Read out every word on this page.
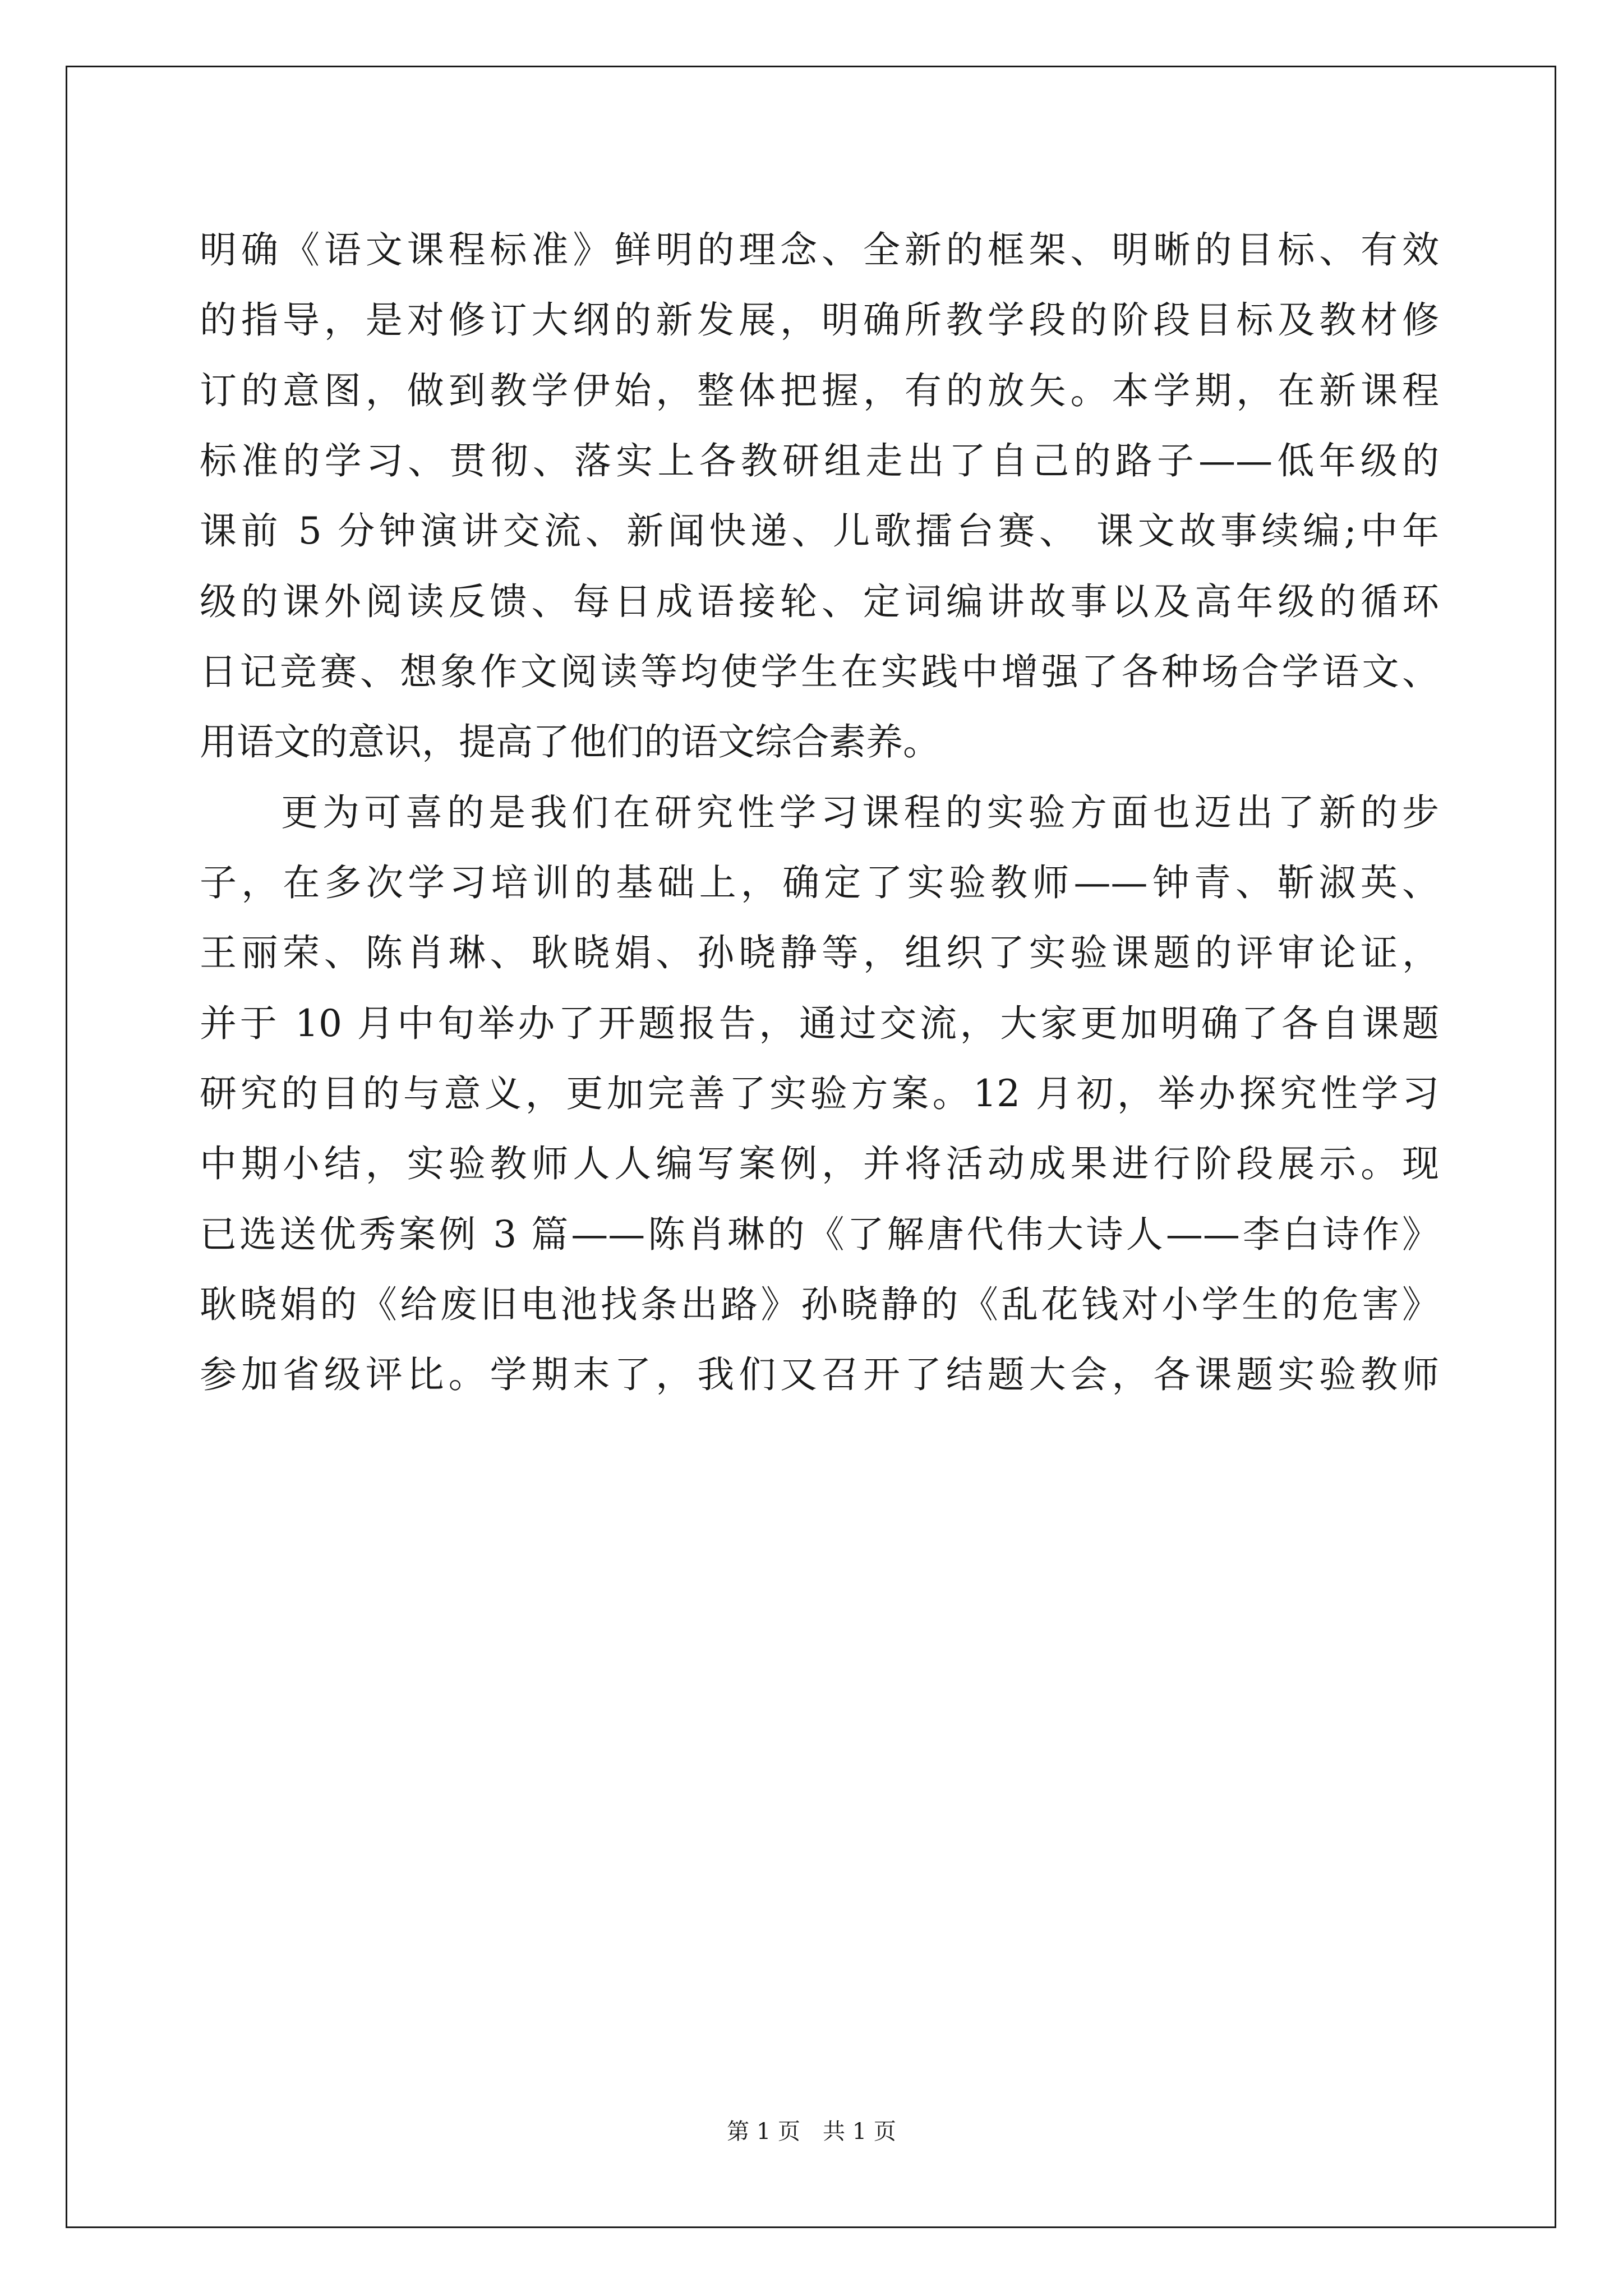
明确《语文课程标准》鲜明的理念、全新的框架、明晰的目标、有效
的指导，是对修订大纲的新发展，明确所教学段的阶段目标及教材修
订的意图，做到教学伊始，整体把握，有的放矢。本学期，在新课程
标准的学习、贯彻、落实上各教研组走出了自己的路子——低年级的
课前 5 分钟演讲交流、新闻快递、儿歌擂台赛、 课文故事续编;中年
级的课外阅读反馈、每日成语接轮、定词编讲故事以及高年级的循环
日记竞赛、想象作文阅读等均使学生在实践中增强了各种场合学语文、
用语文的意识，提高了他们的语文综合素养。
更为可喜的是我们在研究性学习课程的实验方面也迈出了新的步
子，在多次学习培训的基础上，确定了实验教师——钟青、靳淑英、
王丽荣、陈肖琳、耿晓娟、孙晓静等，组织了实验课题的评审论证，
并于 10 月中旬举办了开题报告，通过交流，大家更加明确了各自课题
研究的目的与意义，更加完善了实验方案。12 月初，举办探究性学习
中期小结，实验教师人人编写案例，并将活动成果进行阶段展示。现
已选送优秀案例 3 篇——陈肖琳的《了解唐代伟大诗人——李白诗作》
耿晓娟的《给废旧电池找条出路》孙晓静的《乱花钱对小学生的危害》
参加省级评比。学期末了，我们又召开了结题大会，各课题实验教师
第 1 页　共 1 页
